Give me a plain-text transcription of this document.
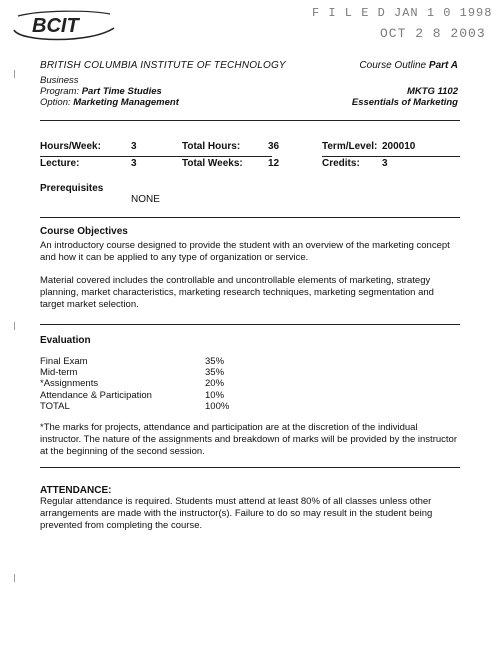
BCIT
F I L E D JAN 1 0 1998
OCT 2 8 2003
BRITISH COLUMBIA INSTITUTE OF TECHNOLOGY	Course Outline Part A
Business
Program: Part Time Studies
Option: Marketing Management
MKTG 1102
Essentials of Marketing
Hours/Week:	3	Total Hours:	36	Term/Level: 200010
Lecture:	3	Total Weeks:	12	Credits: 3
Prerequisites
NONE
Course Objectives
An introductory course designed to provide the student with an overview of the marketing concept and how it can be applied to any type of organization or service.
Material covered includes the controllable and uncontrollable elements of marketing, strategy planning, market characteristics, marketing research techniques, marketing segmentation and target market selection.
Evaluation
Final Exam	35%
Mid-term	35%
*Assignments	20%
Attendance & Participation	10%
TOTAL	100%
*The marks for projects, attendance and participation are at the discretion of the individual instructor. The nature of the assignments and breakdown of marks will be provided by the instructor at the beginning of the second session.
ATTENDANCE:
Regular attendance is required. Students must attend at least 80% of all classes unless other arrangements are made with the instructor(s). Failure to do so may result in the student being prevented from completing the course.
